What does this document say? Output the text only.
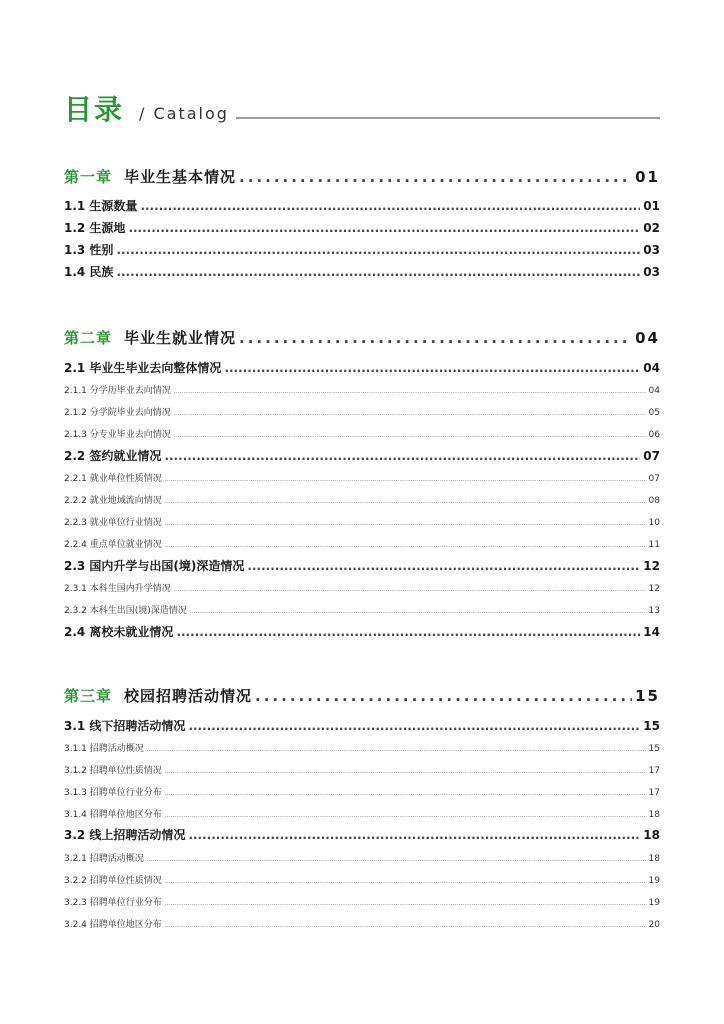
目录 / Catalog
第一章 毕业生基本情况 .....	01
1.1 生源数量 .....	01
1.2 生源地 .....	02
1.3 性别 .....	03
1.4 民族 .....	03
第二章 毕业生就业情况 .....	04
2.1 毕业生毕业去向整体情况 .....	04
2.1.1 分学历毕业去向情况 .....	04
2.1.2 分学院毕业去向情况 .....	05
2.1.3 分专业毕业去向情况 .....	06
2.2 签约就业情况 .....	07
2.2.1 就业单位性质情况 .....	07
2.2.2 就业地域流向情况 .....	08
2.2.3 就业单位行业情况 .....	10
2.2.4 重点单位就业情况 .....	11
2.3 国内升学与出国(境)深造情况 .....	12
2.3.1 本科生国内升学情况 .....	12
2.3.2 本科生出国(境)深造情况 .....	13
2.4 离校未就业情况 .....	14
第三章 校园招聘活动情况 .....	15
3.1 线下招聘活动情况 .....	15
3.1.1 招聘活动概况 .....	15
3.1.2 招聘单位性质情况 .....	17
3.1.3 招聘单位行业分布 .....	17
3.1.4 招聘单位地区分布 .....	18
3.2 线上招聘活动情况 .....	18
3.2.1 招聘活动概况 .....	18
3.2.2 招聘单位性质情况 .....	19
3.2.3 招聘单位行业分布 .....	19
3.2.4 招聘单位地区分布 .....	20
